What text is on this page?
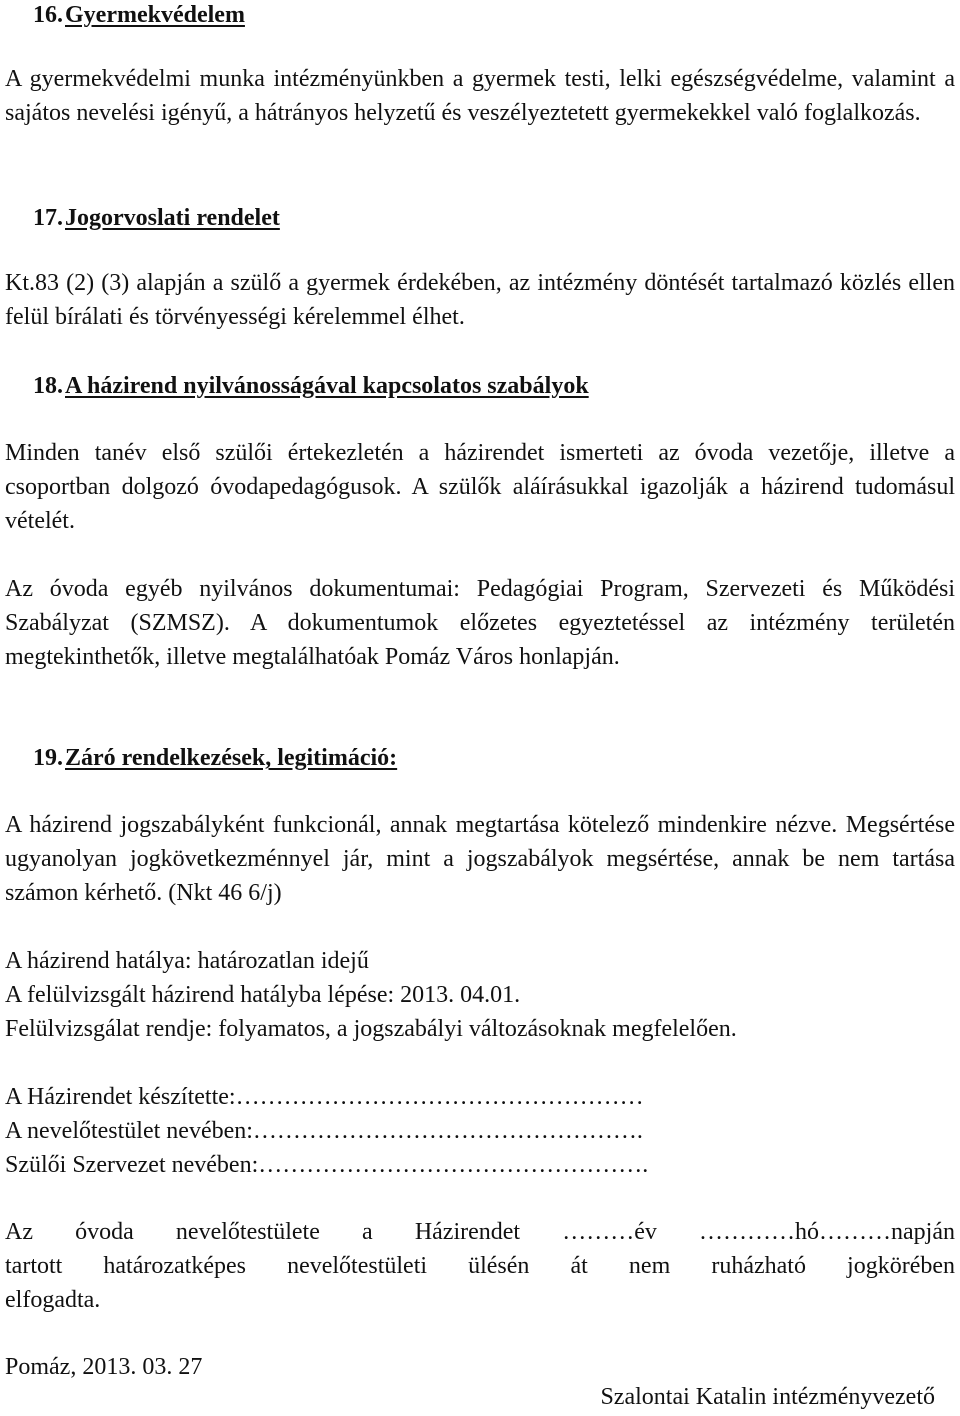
16.Gyermekvédelem
A gyermekvédelmi munka intézményünkben a gyermek testi, lelki egészségvédelme, valamint a sajátos nevelési igényű, a hátrányos helyzetű és veszélyeztetett gyermekekkel való foglalkozás.
17.Jogorvoslati rendelet
Kt.83 (2) (3) alapján a szülő a gyermek érdekében, az intézmény döntését tartalmazó közlés ellen felül bírálati és törvényességi kérelemmel élhet.
18.A házirend nyilvánosságával kapcsolatos szabályok
Minden tanév első szülői értekezletén a házirendet ismerteti az óvoda vezetője, illetve a csoportban dolgozó óvodapedagógusok. A szülők aláírásukkal igazolják a házirend tudomásul vételét.
Az óvoda egyéb nyilvános dokumentumai: Pedagógiai Program, Szervezeti és Működési Szabályzat (SZMSZ). A dokumentumok előzetes egyeztetéssel az intézmény területén megtekinthetők, illetve megtalálhatóak Pomáz Város honlapján.
19.Záró rendelkezések, legitimáció:
A házirend jogszabályként funkcionál, annak megtartása kötelező mindenkire nézve. Megsértése ugyanolyan jogkövetkezménnyel jár, mint a jogszabályok megsértése, annak be nem tartása számon kérhető. (Nkt 46 6/j)
A házirend hatálya: határozatlan idejű
A felülvizsgált házirend hatályba lépése: 2013. 04.01.
Felülvizsgálat rendje: folyamatos, a jogszabályi változásoknak megfelelően.
A Házirendet készítette:……………………………………………
A nevelőtestület nevében:………………………………………….
Szülői Szervezet nevében:………………………………………….
Az óvoda nevelőtestülete a Házirendet ………év …………hó………napján
tartott határozatképes nevelőtestületi ülésén át nem ruházható jogkörében
elfogadta.
Pomáz, 2013. 03. 27
Szalontai Katalin intézményvezető
